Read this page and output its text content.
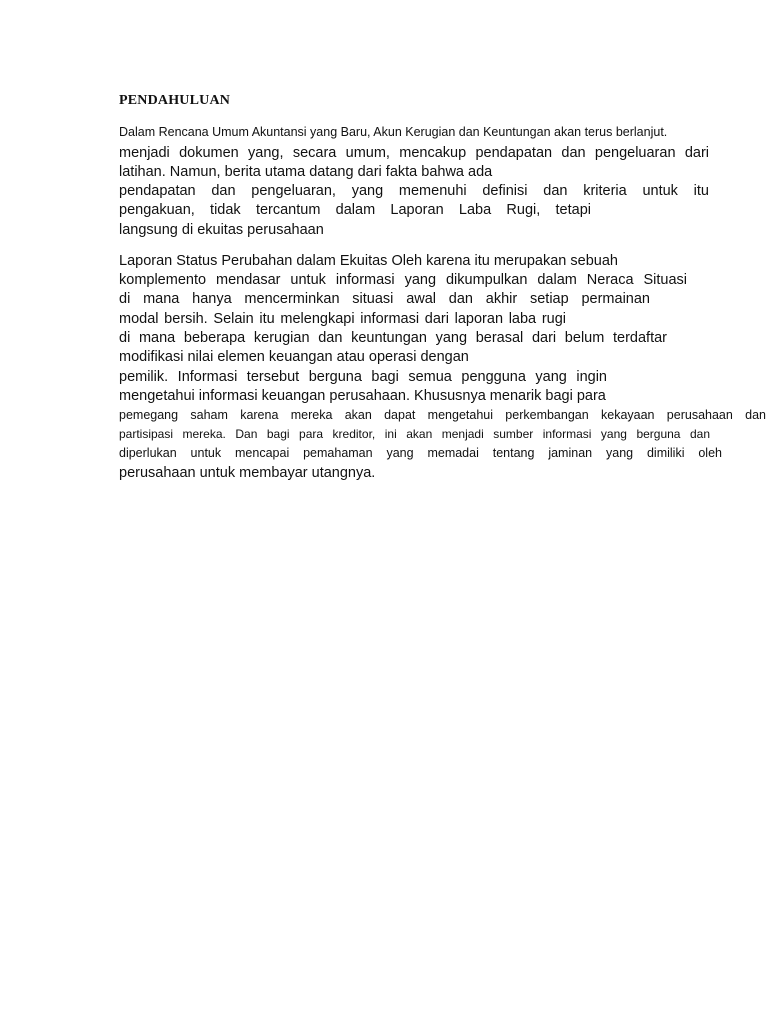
PENDAHULUAN
Dalam Rencana Umum Akuntansi yang Baru, Akun Kerugian dan Keuntungan akan terus berlanjut.
menjadi dokumen yang, secara umum, mencakup pendapatan dan pengeluaran dari
latihan. Namun, berita utama datang dari fakta bahwa ada
pendapatan dan pengeluaran, yang memenuhi definisi dan kriteria untuk itu
pengakuan, tidak tercantum dalam Laporan Laba Rugi, tetapi
langsung di ekuitas perusahaan
Laporan Status Perubahan dalam Ekuitas Oleh karena itu merupakan sebuah
komplemento mendasar untuk informasi yang dikumpulkan dalam Neraca Situasi
di mana hanya mencerminkan situasi awal dan akhir setiap permainan
modal bersih. Selain itu melengkapi informasi dari laporan laba rugi
di mana beberapa kerugian dan keuntungan yang berasal dari belum terdaftar
modifikasi nilai elemen keuangan atau operasi dengan
pemilik. Informasi tersebut berguna bagi semua pengguna yang ingin
mengetahui informasi keuangan perusahaan. Khususnya menarik bagi para
pemegang saham karena mereka akan dapat mengetahui perkembangan kekayaan perusahaan dan
partisipasi mereka. Dan bagi para kreditor, ini akan menjadi sumber informasi yang berguna dan
diperlukan untuk mencapai pemahaman yang memadai tentang jaminan yang dimiliki oleh
perusahaan untuk membayar utangnya.
